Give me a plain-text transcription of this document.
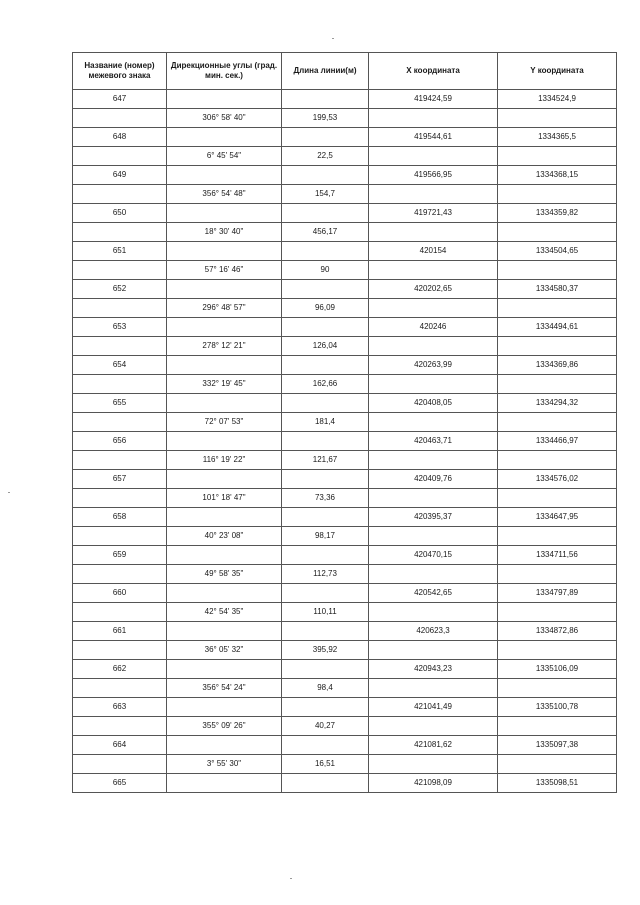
Название (номер) межевого знака	Дирекционные углы (град. мин. сек.)	Длина линии(м)	X координата	Y координата
647			419424,59	1334524,9
	306° 58' 40"	199,53		
648			419544,61	1334365,5
	6° 45' 54"	22,5		
649			419566,95	1334368,15
	356° 54' 48"	154,7		
650			419721,43	1334359,82
	18° 30' 40"	456,17		
651			420154	1334504,65
	57° 16' 46"	90		
652			420202,65	1334580,37
	296° 48' 57"	96,09		
653			420246	1334494,61
	278° 12' 21"	126,04		
654			420263,99	1334369,86
	332° 19' 45"	162,66		
655			420408,05	1334294,32
	72° 07' 53"	181,4		
656			420463,71	1334466,97
	116° 19' 22"	121,67		
657			420409,76	1334576,02
	101° 18' 47"	73,36		
658			420395,37	1334647,95
	40° 23' 08"	98,17		
659			420470,15	1334711,56
	49° 58' 35"	112,73		
660			420542,65	1334797,89
	42° 54' 35"	110,11		
661			420623,3	1334872,86
	36° 05' 32"	395,92		
662			420943,23	1335106,09
	356° 54' 24"	98,4		
663			421041,49	1335100,78
	355° 09' 26"	40,27		
664			421081,62	1335097,38
	3° 55' 30"	16,51		
665			421098,09	1335098,51
